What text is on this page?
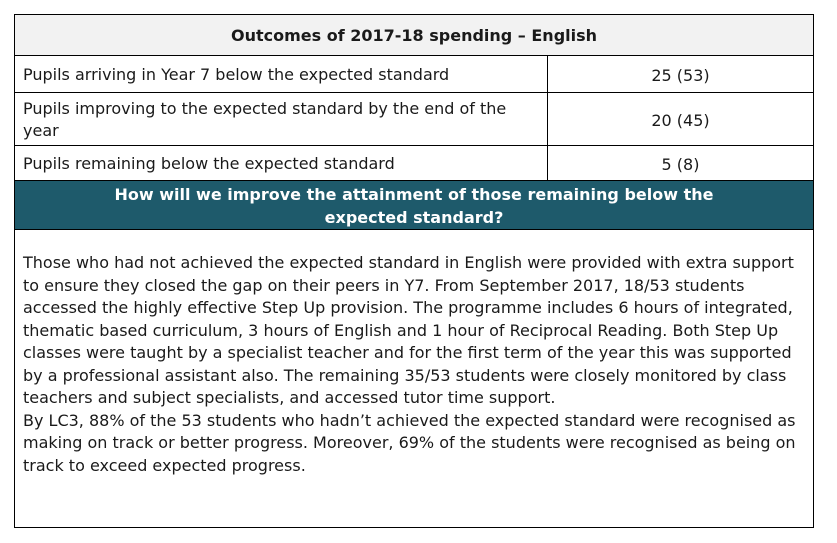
Outcomes of 2017-18 spending – English
Pupils arriving in Year 7 below the expected standard	25 (53)
Pupils improving to the expected standard by the end of the year
20 (45)
Pupils remaining below the expected standard	5 (8)
How will we improve the attainment of those remaining below the expected standard?

Those who had not achieved the expected standard in English were provided with extra support to ensure they closed the gap on their peers in Y7. From September 2017, 18/53 students accessed the highly effective Step Up provision. The programme includes 6 hours of integrated, thematic based curriculum, 3 hours of English and 1 hour of Reciprocal Reading. Both Step Up classes were taught by a specialist teacher and for the first term of the year this was supported by a professional assistant also. The remaining 35/53 students were closely monitored by class teachers and subject specialists, and accessed tutor time support.

By LC3, 88% of the 53 students who hadn’t achieved the expected standard were recognised as making on track or better progress. Moreover, 69% of the students were recognised as being on track to exceed expected progress.
